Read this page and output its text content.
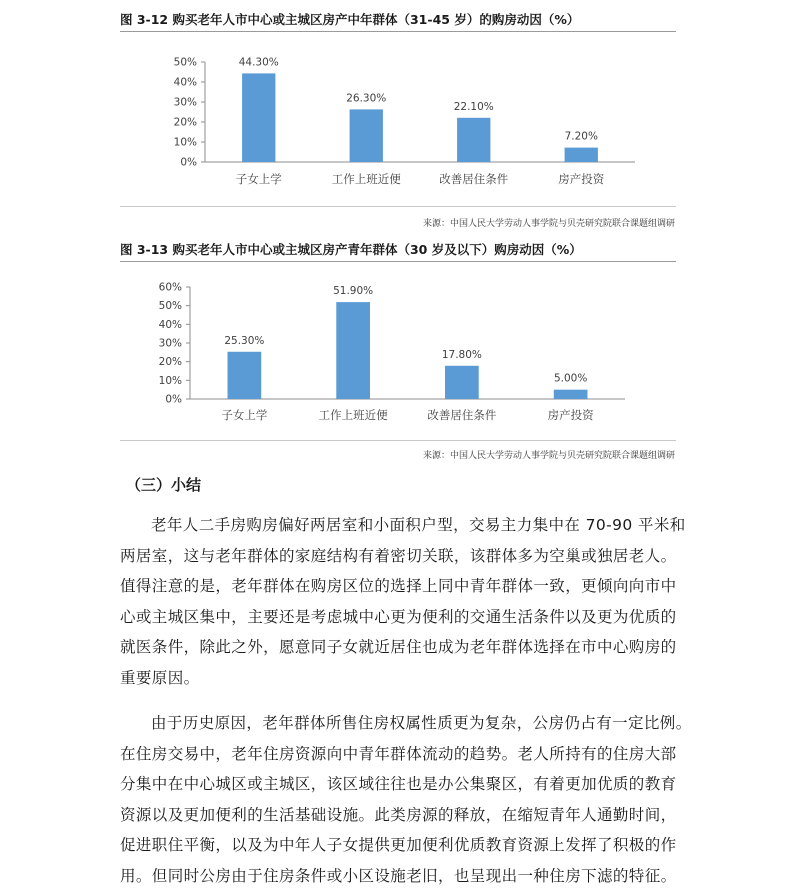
图 3-12 购买老年人市中心或主城区房产中年群体（31-45 岁）的购房动因（%）
0%
10%
20%
30%
40%
50%	44.30%
子女上学
26.30%
工作上班近便
22.10%
改善居住条件
7.20%
房产投资
来源：中国人民大学劳动人事学院与贝壳研究院联合课题组调研
图 3-13 购买老年人市中心或主城区房产青年群体（30 岁及以下）购房动因（%）
0%
10%
20%
30%
40%
50%
60%
25.30%
子女上学
51.90%
工作上班近便
17.80%
改善居住条件
5.00%
房产投资
来源：中国人民大学劳动人事学院与贝壳研究院联合课题组调研
（三）小结
老年人二手房购房偏好两居室和小面积户型，交易主力集中在 70-90 平米和
两居室，这与老年群体的家庭结构有着密切关联，该群体多为空巢或独居老人。
值得注意的是，老年群体在购房区位的选择上同中青年群体一致，更倾向向市中
心或主城区集中，主要还是考虑城中心更为便利的交通生活条件以及更为优质的
就医条件，除此之外，愿意同子女就近居住也成为老年群体选择在市中心购房的
重要原因。
由于历史原因，老年群体所售住房权属性质更为复杂，公房仍占有一定比例。
在住房交易中，老年住房资源向中青年群体流动的趋势。老人所持有的住房大部
分集中在中心城区或主城区，该区域往往也是办公集聚区，有着更加优质的教育
资源以及更加便利的生活基础设施。此类房源的释放，在缩短青年人通勤时间，
促进职住平衡，以及为中年人子女提供更加便利优质教育资源上发挥了积极的作
用。但同时公房由于住房条件或小区设施老旧，也呈现出一种住房下滤的特征。
